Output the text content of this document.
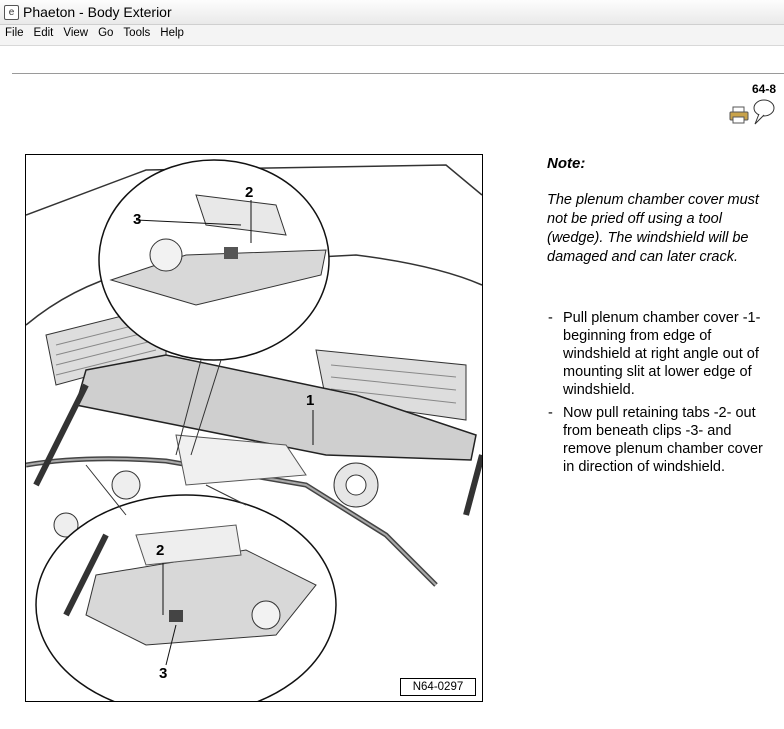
e Phaeton - Body Exterior
File Edit View Go Tools Help
64-8
3
2
1
2
3
N64-0297
Note:
The plenum chamber cover must not be pried off using a tool (wedge). The windshield will be damaged and can later crack.
- Pull plenum chamber cover -1- beginning from edge of windshield at right angle out of mounting slit at lower edge of windshield.
- Now pull retaining tabs -2- out from beneath clips -3- and remove plenum chamber cover in direction of windshield.
